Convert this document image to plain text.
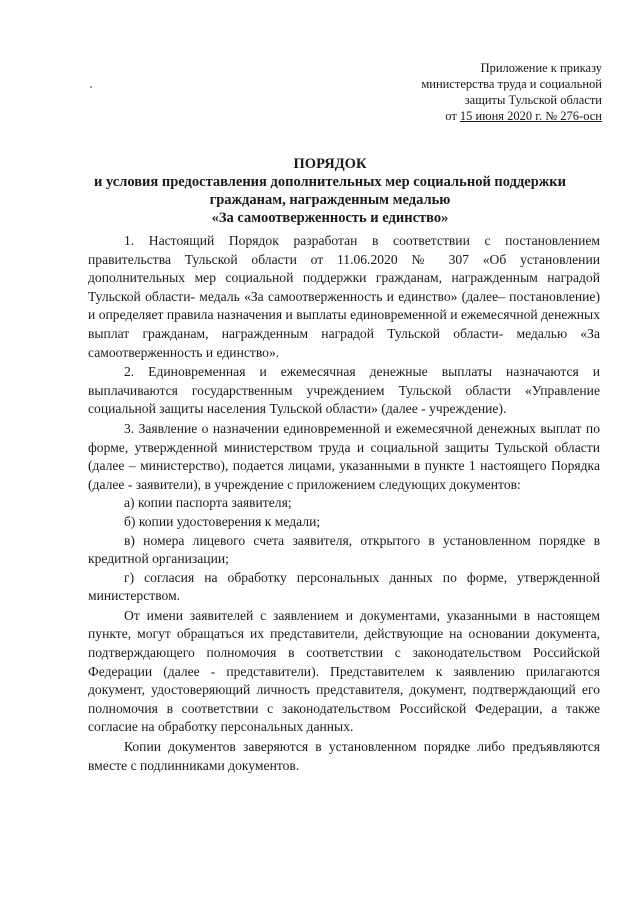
Приложение к приказу
министерства труда и социальной
защиты Тульской области
от 15 июня 2020 г. № 276-осн
ПОРЯДОК
и условия предоставления дополнительных мер социальной поддержки
гражданам, награжденным медалью
«За самоотверженность и единство»

1. Настоящий Порядок разработан в соответствии с постановлением правительства Тульской области от 11.06.2020 № 307 «Об установлении дополнительных мер социальной поддержки гражданам, награжденным наградой Тульской области- медаль «За самоотверженность и единство» (далее– постановление) и определяет правила назначения и выплаты единовременной и ежемесячной денежных выплат гражданам, награжденным наградой Тульской области- медалью «За самоотверженность и единство».

2. Единовременная и ежемесячная денежные выплаты назначаются и выплачиваются государственным учреждением Тульской области «Управление социальной защиты населения Тульской области» (далее - учреждение).

3. Заявление о назначении единовременной и ежемесячной денежных выплат по форме, утвержденной министерством труда и социальной защиты Тульской области (далее – министерство), подается лицами, указанными в пункте 1 настоящего Порядка (далее - заявители), в учреждение с приложением следующих документов:

а) копии паспорта заявителя;

б) копии удостоверения к медали;

в) номера лицевого счета заявителя, открытого в установленном порядке в кредитной организации;

г) согласия на обработку персональных данных по форме, утвержденной министерством.

От имени заявителей с заявлением и документами, указанными в настоящем пункте, могут обращаться их представители, действующие на основании документа, подтверждающего полномочия в соответствии с законодательством Российской Федерации (далее - представители). Представителем к заявлению прилагаются документ, удостоверяющий личность представителя, документ, подтверждающий его полномочия в соответствии с законодательством Российской Федерации, а также согласие на обработку персональных данных.

Копии документов заверяются в установленном порядке либо предъявляются вместе с подлинниками документов.
